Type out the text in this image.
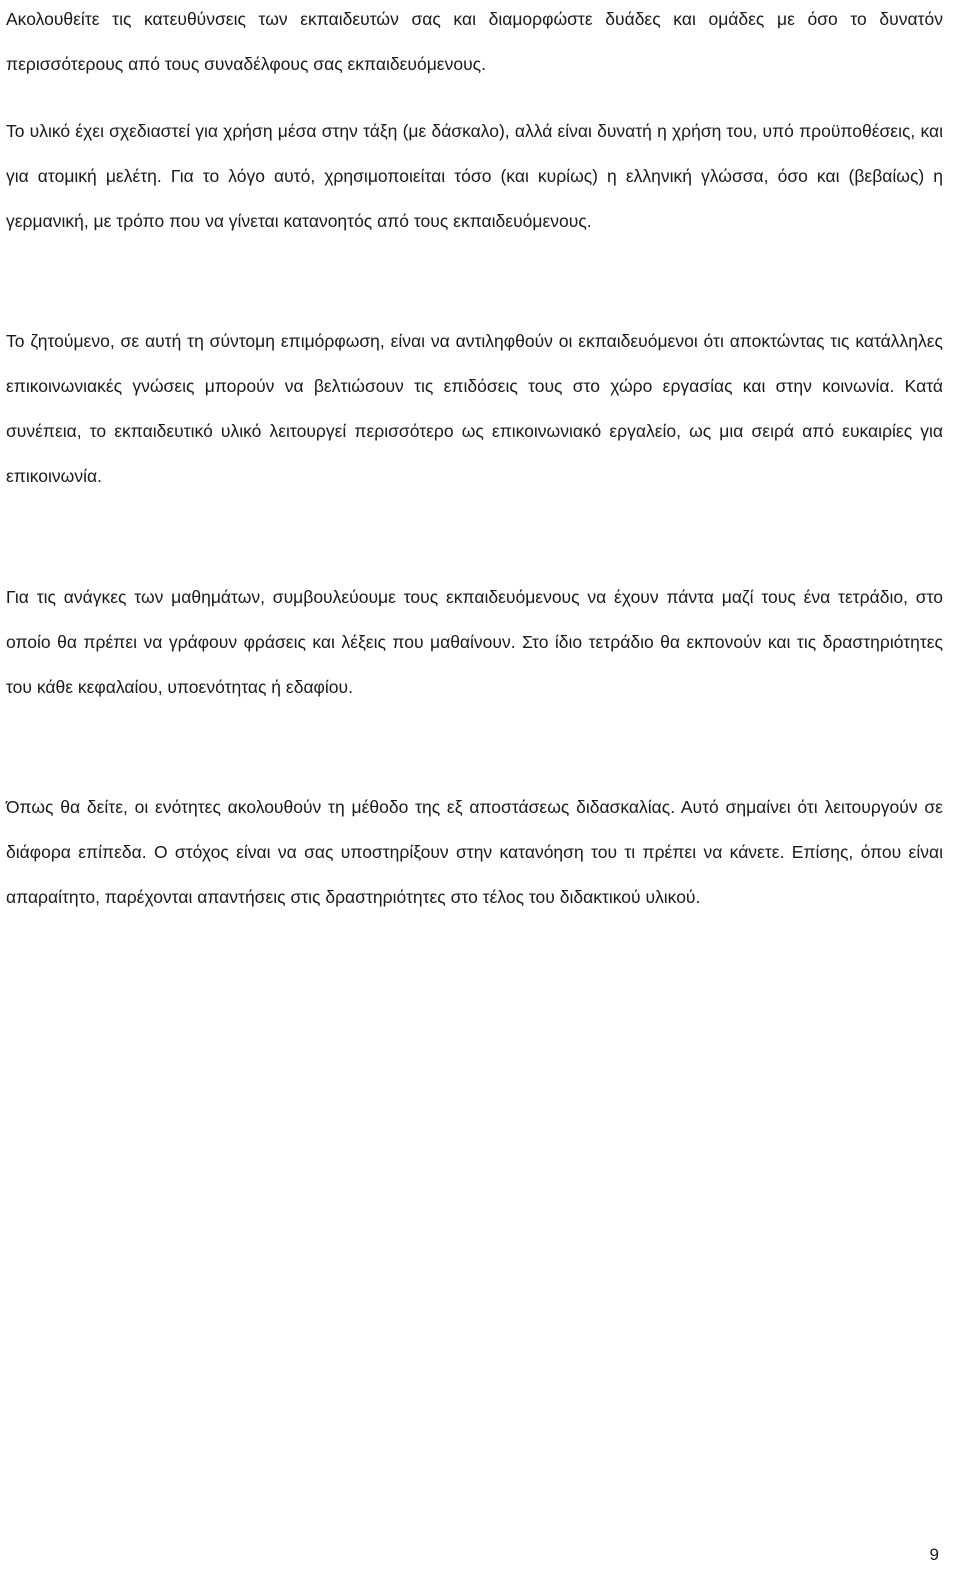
Ακολουθείτε τις κατευθύνσεις των εκπαιδευτών σας και διαμορφώστε δυάδες και ομάδες με όσο το δυνατόν περισσότερους από τους συναδέλφους σας εκπαιδευόμενους.

Το υλικό έχει σχεδιαστεί για χρήση μέσα στην τάξη (με δάσκαλο), αλλά είναι δυνατή η χρήση του, υπό προϋποθέσεις, και για ατομική μελέτη. Για το λόγο αυτό, χρησιμοποιείται τόσο (και κυρίως) η ελληνική γλώσσα, όσο και (βεβαίως) η γερμανική, με τρόπο που να γίνεται κατανοητός από τους εκπαιδευόμενους.

Το ζητούμενο, σε αυτή τη σύντομη επιμόρφωση, είναι να αντιληφθούν οι εκπαιδευόμενοι ότι αποκτώντας τις κατάλληλες επικοινωνιακές γνώσεις μπορούν να βελτιώσουν τις επιδόσεις τους στο χώρο εργασίας και στην κοινωνία. Κατά συνέπεια, το εκπαιδευτικό υλικό λειτουργεί περισσότερο ως επικοινωνιακό εργαλείο, ως μια σειρά από ευκαιρίες για επικοινωνία.

Για τις ανάγκες των μαθημάτων, συμβουλεύουμε τους εκπαιδευόμενους να έχουν πάντα μαζί τους ένα τετράδιο, στο οποίο θα πρέπει να γράφουν φράσεις και λέξεις που μαθαίνουν. Στο ίδιο τετράδιο θα εκπονούν και τις δραστηριότητες του κάθε κεφαλαίου, υποενότητας ή εδαφίου.

Όπως θα δείτε, οι ενότητες ακολουθούν τη μέθοδο της εξ αποστάσεως διδασκαλίας. Αυτό σημαίνει ότι λειτουργούν σε διάφορα επίπεδα. Ο στόχος είναι να σας υποστηρίξουν στην κατανόηση του τι πρέπει να κάνετε. Επίσης, όπου είναι απαραίτητο, παρέχονται απαντήσεις στις δραστηριότητες στο τέλος του διδακτικού υλικού.

9
